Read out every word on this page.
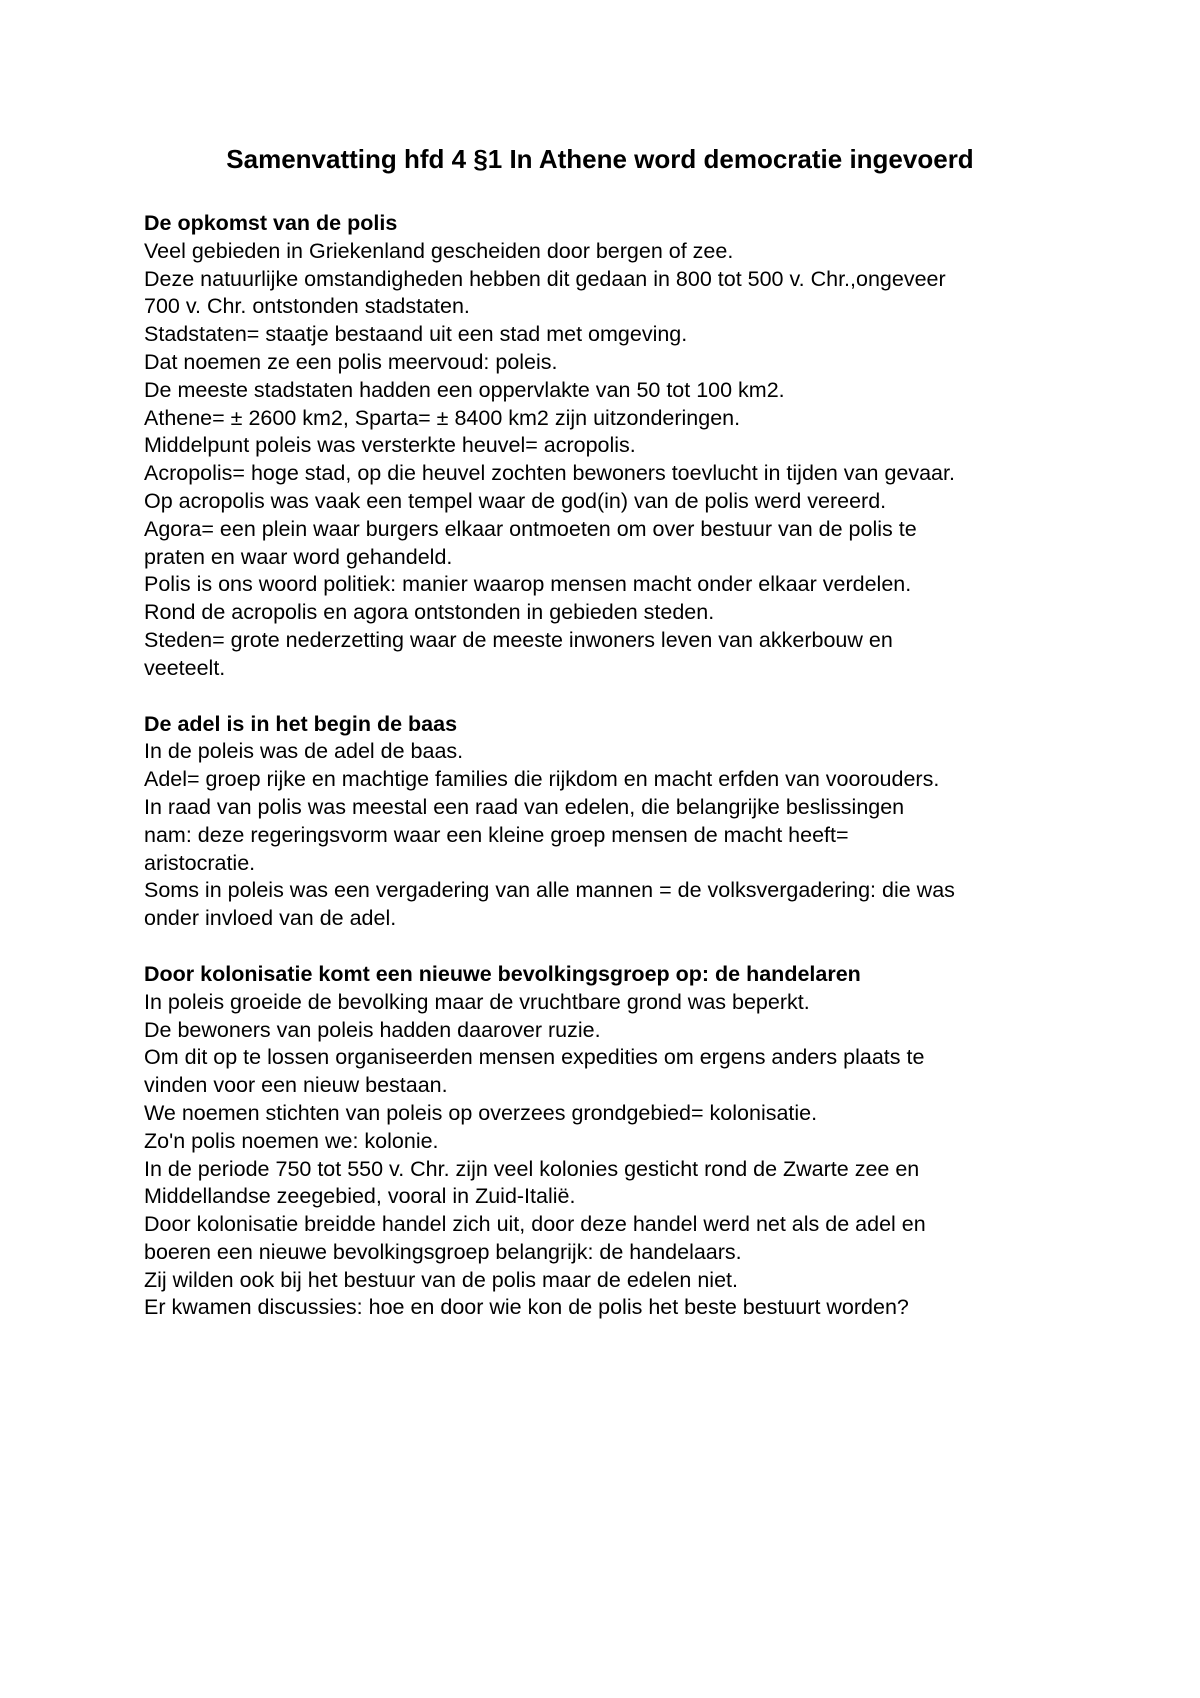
Samenvatting hfd 4 §1 In Athene word democratie ingevoerd

De opkomst van de polis

Veel gebieden in Griekenland gescheiden door bergen of zee.

Deze natuurlijke omstandigheden hebben dit gedaan in 800 tot 500 v. Chr.,ongeveer

700 v. Chr. ontstonden stadstaten.

Stadstaten= staatje bestaand uit een stad met omgeving.

Dat noemen ze een polis meervoud: poleis.

De meeste stadstaten hadden een oppervlakte van 50 tot 100 km2.

Athene= ± 2600 km2, Sparta= ± 8400 km2 zijn uitzonderingen.

Middelpunt poleis was versterkte heuvel= acropolis.

Acropolis= hoge stad, op die heuvel zochten bewoners toevlucht in tijden van gevaar.

Op acropolis was vaak een tempel waar de god(in) van de polis werd vereerd.

Agora= een plein waar burgers elkaar ontmoeten om over bestuur van de polis te

praten en waar word gehandeld.

Polis is ons woord politiek: manier waarop mensen macht onder elkaar verdelen.

Rond de acropolis en agora ontstonden in gebieden steden.

Steden= grote nederzetting waar de meeste inwoners leven van akkerbouw en

veeteelt.

De adel is in het begin de baas

In de poleis was de adel de baas.

Adel= groep rijke en machtige families die rijkdom en macht erfden van voorouders.

In raad van polis was meestal een raad van edelen, die belangrijke beslissingen

nam: deze regeringsvorm waar een kleine groep mensen de macht heeft=

aristocratie.

Soms in poleis was een vergadering van alle mannen = de volksvergadering: die was

onder invloed van de adel.

Door kolonisatie komt een nieuwe bevolkingsgroep op: de handelaren

In poleis groeide de bevolking maar de vruchtbare grond was beperkt.

De bewoners van poleis hadden daarover ruzie.

Om dit op te lossen organiseerden mensen expedities om ergens anders plaats te

vinden voor een nieuw bestaan.

We noemen stichten van poleis op overzees grondgebied= kolonisatie.

Zo'n polis noemen we: kolonie.

In de periode 750 tot 550 v. Chr. zijn veel kolonies gesticht rond de Zwarte zee en

Middellandse zeegebied, vooral in Zuid-Italië.

Door kolonisatie breidde handel zich uit, door deze handel werd net als de adel en

boeren een nieuwe bevolkingsgroep belangrijk: de handelaars.

Zij wilden ook bij het bestuur van de polis maar de edelen niet.

Er kwamen discussies: hoe en door wie kon de polis het beste bestuurt worden?
